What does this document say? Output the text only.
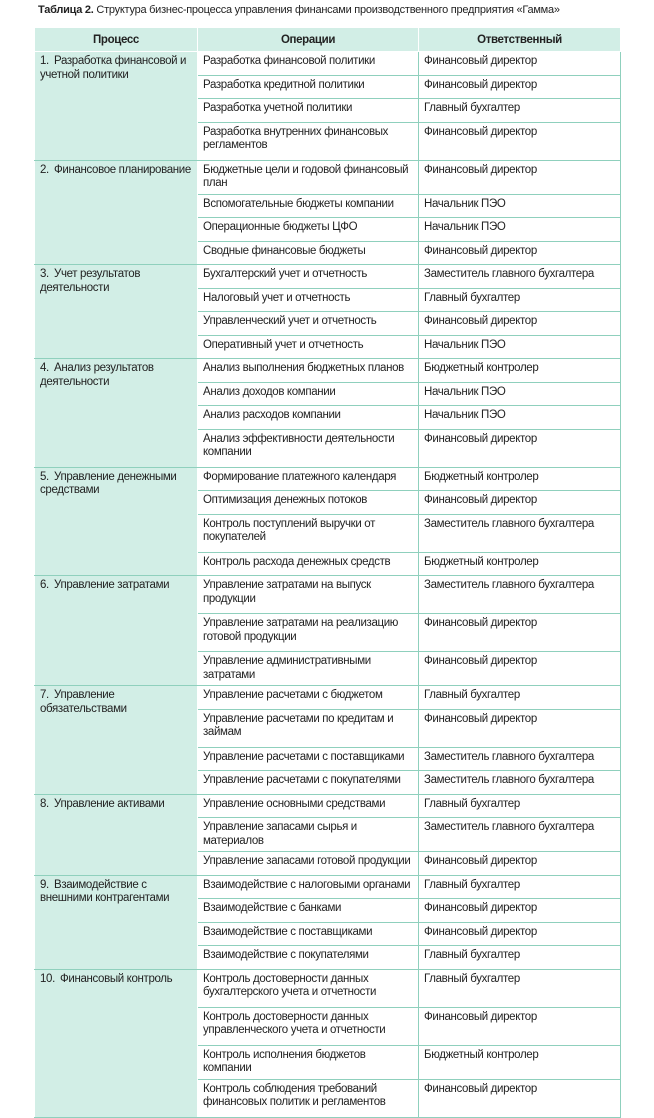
Таблица 2. Структура бизнес-процесса управления финансами производственного предприятия «Гамма»
Процесс	Операции	Ответственный
1. Разработка финансовой и учетной политики	Разработка финансовой политики	Финансовый директор
	Разработка кредитной политики	Финансовый директор
	Разработка учетной политики	Главный бухгалтер
	Разработка внутренних финансовых регламентов	Финансовый директор
2. Финансовое планирование	Бюджетные цели и годовой финансовый план	Финансовый директор
	Вспомогательные бюджеты компании	Начальник ПЭО
	Операционные бюджеты ЦФО	Начальник ПЭО
	Сводные финансовые бюджеты	Финансовый директор
3. Учет результатов деятельности	Бухгалтерский учет и отчетность	Заместитель главного бухгалтера
	Налоговый учет и отчетность	Главный бухгалтер
	Управленческий учет и отчетность	Финансовый директор
	Оперативный учет и отчетность	Начальник ПЭО
4. Анализ результатов деятельности	Анализ выполнения бюджетных планов	Бюджетный контролер
	Анализ доходов компании	Начальник ПЭО
	Анализ расходов компании	Начальник ПЭО
	Анализ эффективности деятельности компании	Финансовый директор
5. Управление денежными средствами	Формирование платежного календаря	Бюджетный контролер
	Оптимизация денежных потоков	Финансовый директор
	Контроль поступлений выручки от покупателей	Заместитель главного бухгалтера
	Контроль расхода денежных средств	Бюджетный контролер
6. Управление затратами	Управление затратами на выпуск продукции	Заместитель главного бухгалтера
	Управление затратами на реализацию готовой продукции	Финансовый директор
	Управление административными затратами	Финансовый директор
7. Управление обязательствами	Управление расчетами с бюджетом	Главный бухгалтер
	Управление расчетами по кредитам и займам	Финансовый директор
	Управление расчетами с поставщиками	Заместитель главного бухгалтера
	Управление расчетами с покупателями	Заместитель главного бухгалтера
8. Управление активами	Управление основными средствами	Главный бухгалтер
	Управление запасами сырья и материалов	Заместитель главного бухгалтера
	Управление запасами готовой продукции	Финансовый директор
9. Взаимодействие с внешними контрагентами	Взаимодействие с налоговыми органами	Главный бухгалтер
	Взаимодействие с банками	Финансовый директор
	Взаимодействие с поставщиками	Финансовый директор
	Взаимодействие с покупателями	Главный бухгалтер
10. Финансовый контроль	Контроль достоверности данных бухгалтерского учета и отчетности	Главный бухгалтер
	Контроль достоверности данных управленческого учета и отчетности	Финансовый директор
	Контроль исполнения бюджетов компании	Бюджетный контролер
	Контроль соблюдения требований финансовых политик и регламентов	Финансовый директор
